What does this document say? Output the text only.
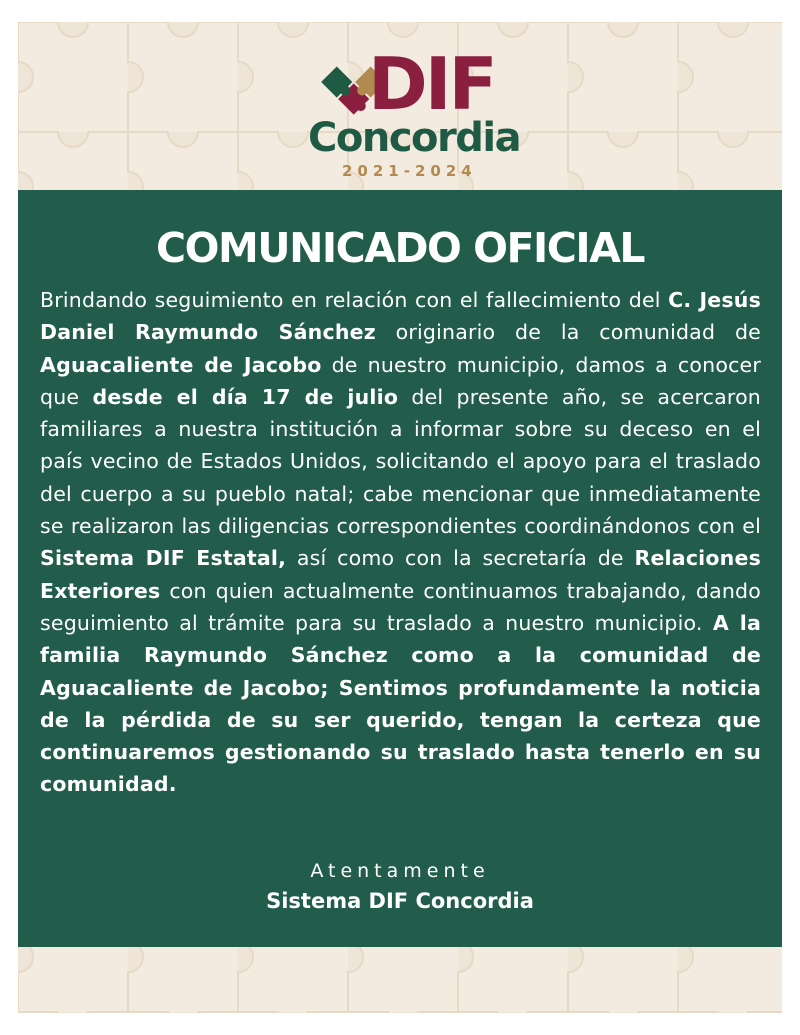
DIF
Concordia
2021-2024
COMUNICADO OFICIAL

Brindando seguimiento en relación con el fallecimiento del C. Jesús Daniel Raymundo Sánchez originario de la comunidad de Aguacaliente de Jacobo de nuestro municipio, damos a conocer que desde el día 17 de julio del presente año, se acercaron familiares a nuestra institución a informar sobre su deceso en el país vecino de Estados Unidos, solicitando el apoyo para el traslado del cuerpo a su pueblo natal; cabe mencionar que inmediatamente se realizaron las diligencias correspondientes coordinándonos con el Sistema DIF Estatal, así como con la secretaría de Relaciones Exteriores con quien actualmente continuamos trabajando, dando seguimiento al trámite para su traslado a nuestro municipio. A la familia Raymundo Sánchez como a la comunidad de Aguacaliente de Jacobo; Sentimos profundamente la noticia de la pérdida de su ser querido, tengan la certeza que continuaremos gestionando su traslado hasta tenerlo en su comunidad.

Atentamente
Sistema DIF Concordia
